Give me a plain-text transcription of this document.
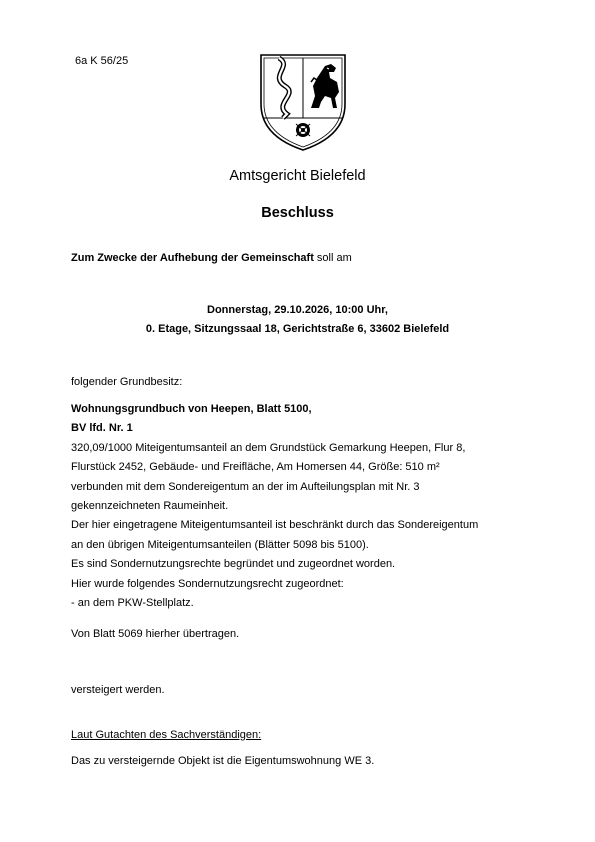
6a K 56/25
Amtsgericht Bielefeld
Beschluss
Zum Zwecke der Aufhebung der Gemeinschaft soll am
Donnerstag, 29.10.2026, 10:00 Uhr,
0. Etage, Sitzungssaal 18, Gerichtstraße 6, 33602 Bielefeld
folgender Grundbesitz:
Wohnungsgrundbuch von Heepen, Blatt 5100,
BV lfd. Nr. 1
320,09/1000 Miteigentumsanteil an dem Grundstück Gemarkung Heepen, Flur 8,
Flurstück 2452, Gebäude- und Freifläche, Am Homersen 44, Größe: 510 m²
verbunden mit dem Sondereigentum an der im Aufteilungsplan mit Nr. 3
gekennzeichneten Raumeinheit.
Der hier eingetragene Miteigentumsanteil ist beschränkt durch das Sondereigentum
an den übrigen Miteigentumsanteilen (Blätter 5098 bis 5100).
Es sind Sondernutzungsrechte begründet und zugeordnet worden.
Hier wurde folgendes Sondernutzungsrecht zugeordnet:
- an dem PKW-Stellplatz.
Von Blatt 5069 hierher übertragen.
versteigert werden.
Laut Gutachten des Sachverständigen:
Das zu versteigernde Objekt ist die Eigentumswohnung WE 3.
